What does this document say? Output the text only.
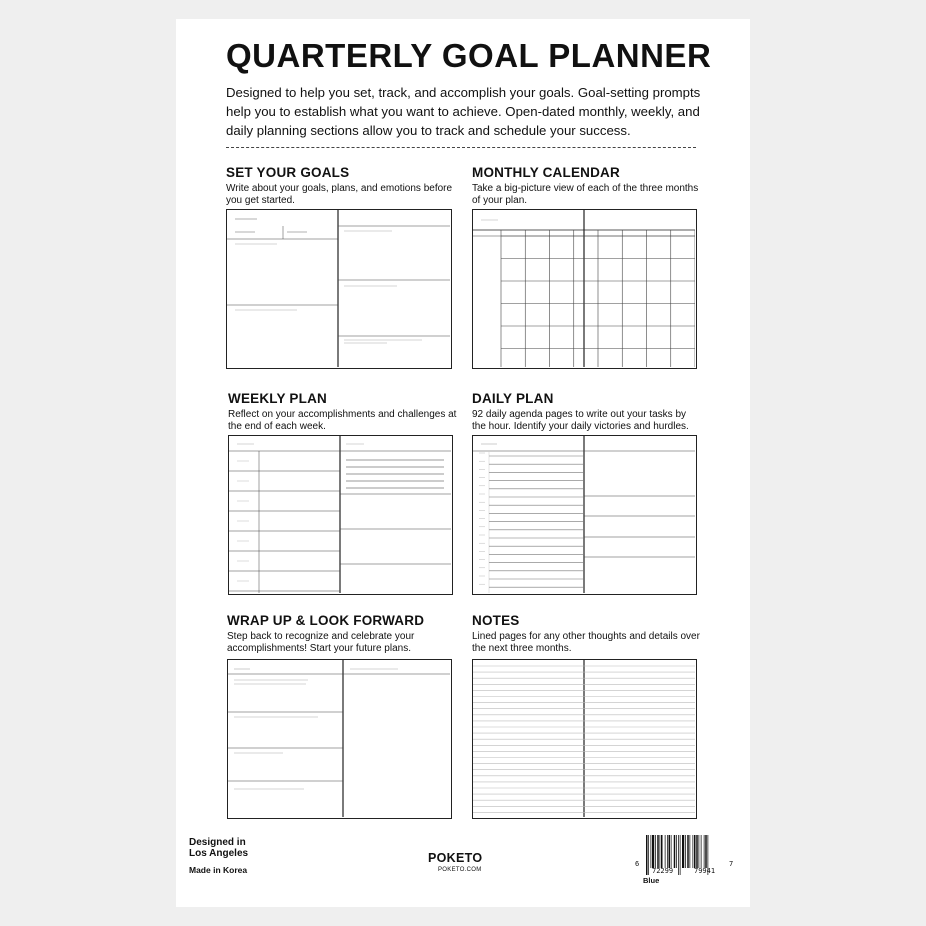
QUARTERLY GOAL PLANNER

Designed to help you set, track, and accomplish your goals. Goal-setting prompts help you to establish what you want to achieve. Open-dated monthly, weekly, and daily planning sections allow you to track and schedule your success.

SET YOUR GOALS

Write about your goals, plans, and emotions before you get started.

MONTHLY CALENDAR

Take a big-picture view of each of the three months of your plan.

WEEKLY PLAN

Reflect on your accomplishments and challenges at the end of each week.

DAILY PLAN

92 daily agenda pages to write out your tasks by the hour. Identify your daily victories and hurdles.

WRAP UP & LOOK FORWARD

Step back to recognize and celebrate your accomplishments! Start your future plans.

NOTES

Lined pages for any other thoughts and details over the next three months.

Designed in
Los Angeles
Made in Korea
POKETO
POKETO.COM
6
72299	79941
7
Blue
